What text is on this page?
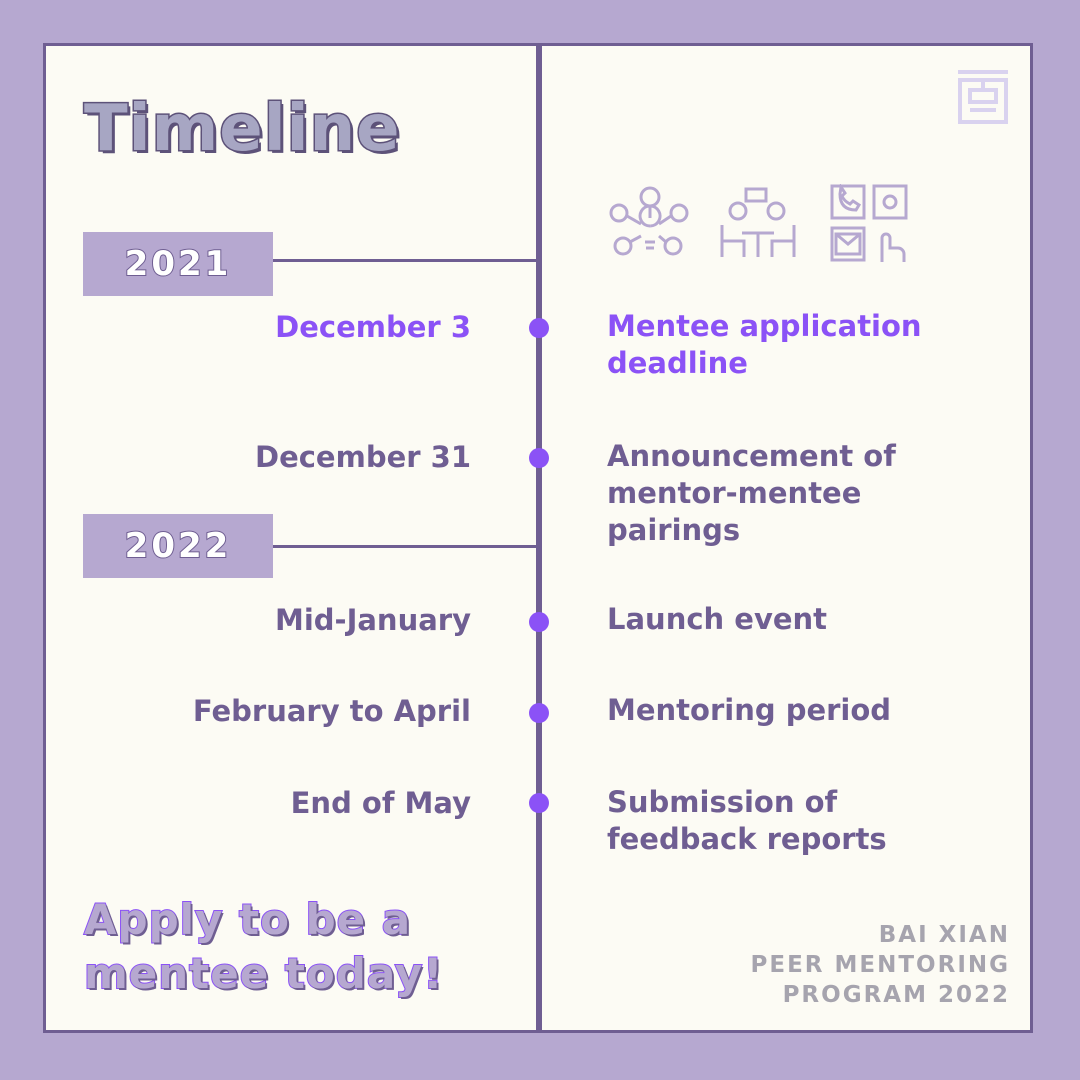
Timeline
2021
2022
December 3	Mentee application
deadline
December 31	Announcement of
mentor-mentee
pairings
Mid-January	Launch event
February to April	Mentoring period
End of May	Submission of
feedback reports
Apply to be a
mentee today!
BAI XIAN
PEER MENTORING
PROGRAM 2022
